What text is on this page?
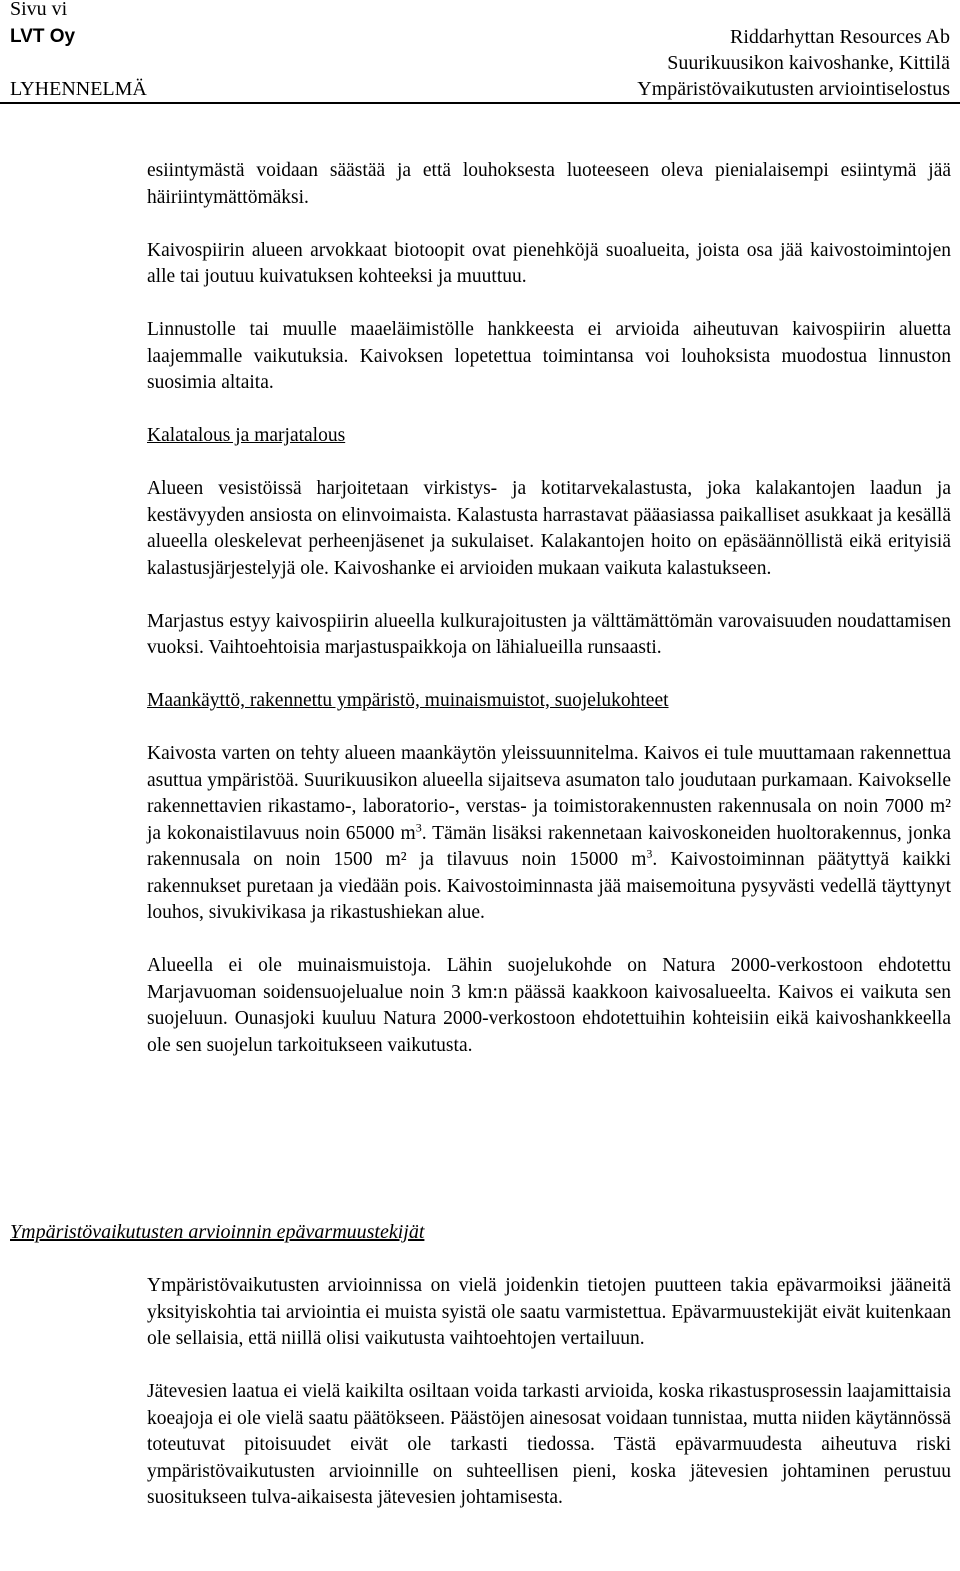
Sivu vi
LVT Oy
LYHENNELMÄ
Riddarhyttan Resources Ab
Suurikuusikon kaivoshanke, Kittilä
Ympäristövaikutusten arviointiselostus

esiintymästä voidaan säästää ja että louhoksesta luoteeseen oleva pienialaisempi esiintymä jää häiriintymättömäksi.

Kaivospiirin alueen arvokkaat biotoopit ovat pienehköjä suoalueita, joista osa jää kaivostoimintojen alle tai joutuu kuivatuksen kohteeksi ja muuttuu.

Linnustolle tai muulle maaeläimistölle hankkeesta ei arvioida aiheutuvan kaivospiirin aluetta laajemmalle vaikutuksia. Kaivoksen lopetettua toimintansa voi louhoksista muodostua linnuston suosimia altaita.

Kalatalous ja marjatalous

Alueen vesistöissä harjoitetaan virkistys- ja kotitarvekalastusta, joka kalakantojen laadun ja kestävyyden ansiosta on elinvoimaista. Kalastusta harrastavat pääasiassa paikalliset asukkaat ja kesällä alueella oleskelevat perheenjäsenet ja sukulaiset. Kalakantojen hoito on epäsäännöllistä eikä erityisiä kalastusjärjestelyjä ole. Kaivoshanke ei arvioiden mukaan vaikuta kalastukseen.

Marjastus estyy kaivospiirin alueella kulkurajoitusten ja välttämättömän varovaisuuden noudattamisen vuoksi. Vaihtoehtoisia marjastuspaikkoja on lähialueilla runsaasti.

Maankäyttö, rakennettu ympäristö, muinaismuistot, suojelukohteet

Kaivosta varten on tehty alueen maankäytön yleissuunnitelma. Kaivos ei tule muuttamaan rakennettua asuttua ympäristöä. Suurikuusikon alueella sijaitseva asumaton talo joudutaan purkamaan. Kaivokselle rakennettavien rikastamo-, laboratorio-, verstas- ja toimistorakennusten rakennusala on noin 7000 m² ja kokonaistilavuus noin 65000 $m^3$. Tämän lisäksi rakennetaan kaivoskoneiden huoltorakennus, jonka rakennusala on noin 1500 m² ja tilavuus noin 15000 $m^3$. Kaivostoiminnan päätyttyä kaikki rakennukset puretaan ja viedään pois. Kaivostoiminnasta jää maisemoituna pysyvästi vedellä täyttynyt louhos, sivukivikasa ja rikastushiekan alue.

Alueella ei ole muinaismuistoja. Lähin suojelukohde on Natura 2000-verkostoon ehdotettu Marjavuoman soidensuojelualue noin 3 km:n päässä kaakkoon kaivosalueelta. Kaivos ei vaikuta sen suojeluun. Ounasjoki kuuluu Natura 2000-verkostoon ehdotettuihin kohteisiin eikä kaivoshankkeella ole sen suojelun tarkoitukseen vaikutusta.

Ympäristövaikutusten arvioinnin epävarmuustekijät

Ympäristövaikutusten arvioinnissa on vielä joidenkin tietojen puutteen takia epävarmoiksi jääneitä yksityiskohtia tai arviointia ei muista syistä ole saatu varmistettua. Epävarmuustekijät eivät kuitenkaan ole sellaisia, että niillä olisi vaikutusta vaihtoehtojen vertailuun.

Jätevesien laatua ei vielä kaikilta osiltaan voida tarkasti arvioida, koska rikastusprosessin laajamittaisia koeajoja ei ole vielä saatu päätökseen. Päästöjen ainesosat voidaan tunnistaa, mutta niiden käytännössä toteutuvat pitoisuudet eivät ole tarkasti tiedossa. Tästä epävarmuudesta aiheutuva riski ympäristövaikutusten arvioinnille on suhteellisen pieni, koska jätevesien johtaminen perustuu suositukseen tulva-aikaisesta jätevesien johtamisesta.
